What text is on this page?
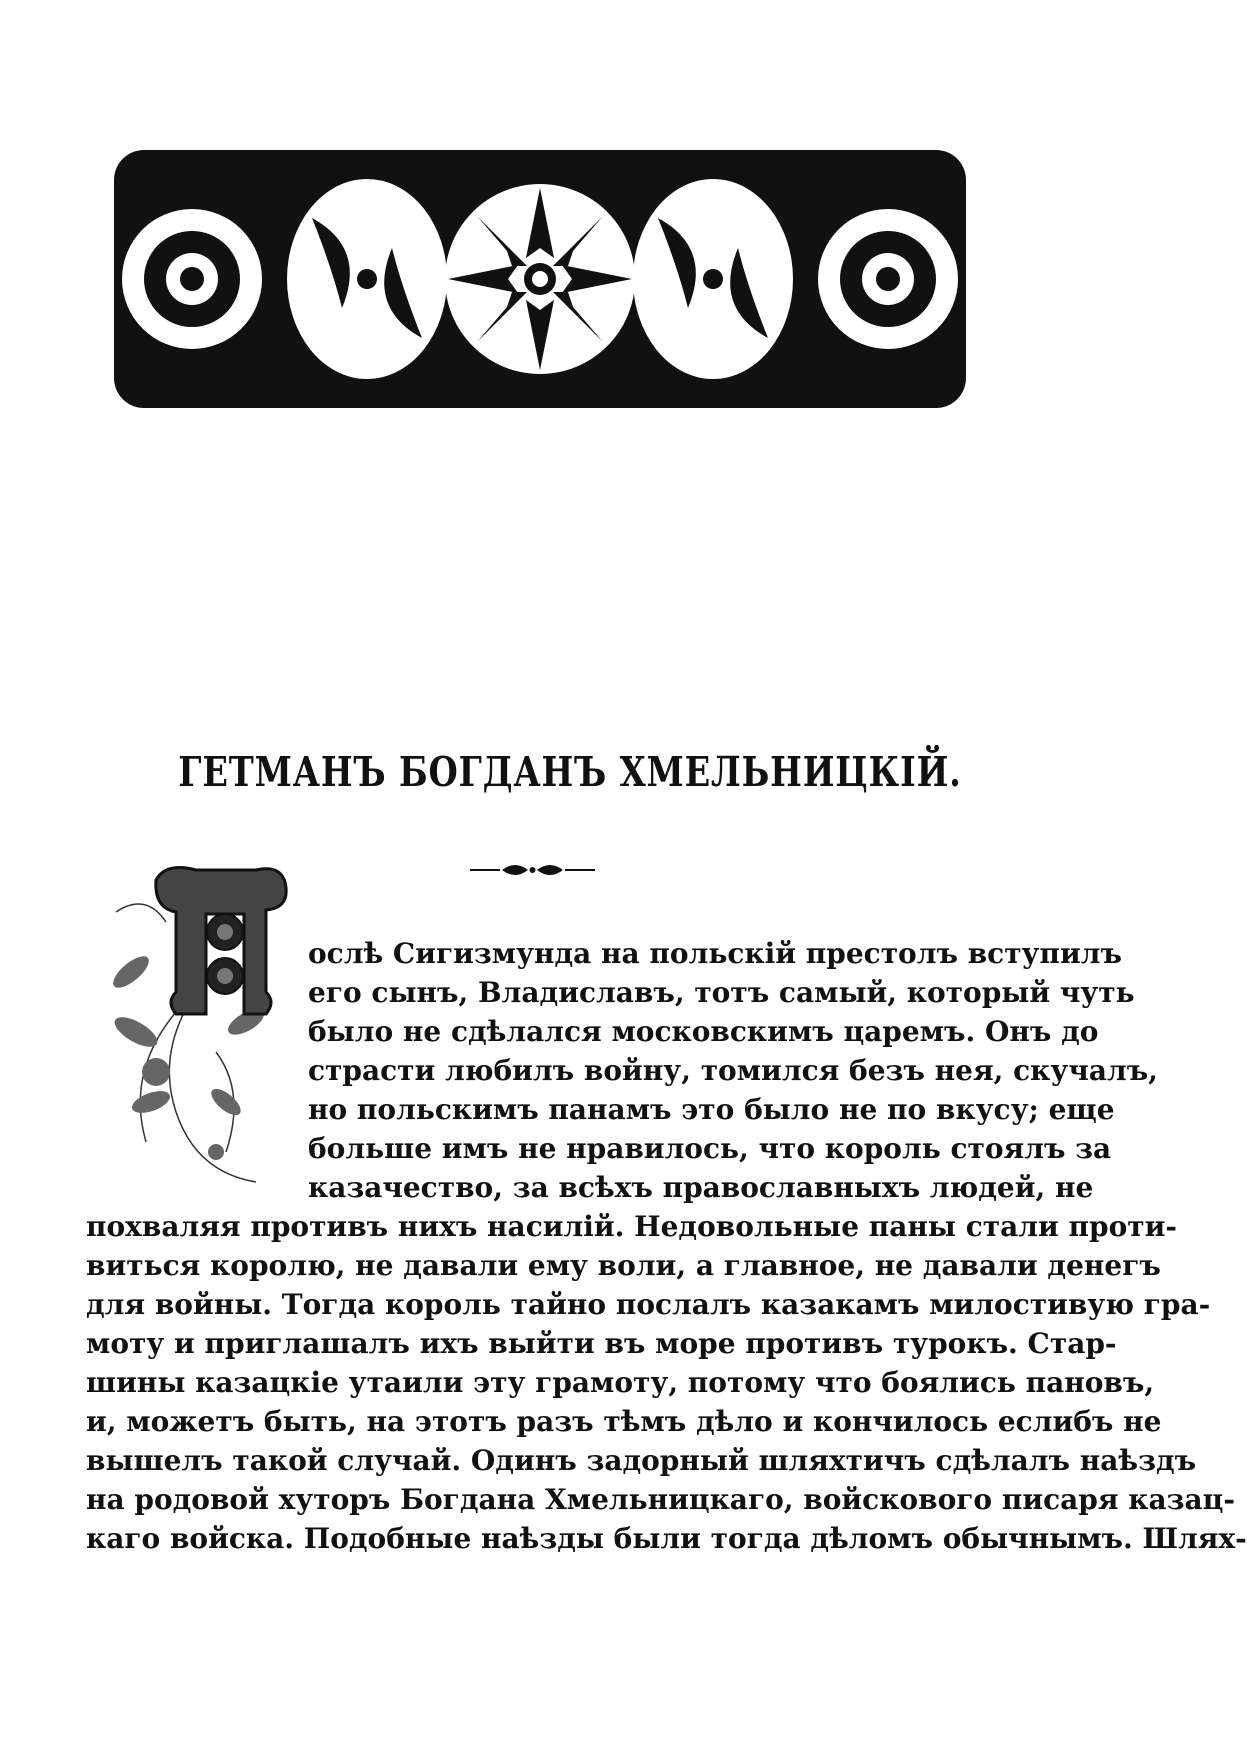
ГЕТМАНЪ БОГДАНЪ ХМЕЛЬНИЦКІЙ.
ослѣ Сигизмунда на польскій престолъ вступилъ
его сынъ, Владиславъ, тотъ самый, который чуть
было не сдѣлался московскимъ царемъ. Онъ до
страсти любилъ войну, томился безъ нея, скучалъ,
но польскимъ панамъ это было не по вкусу; еще
больше имъ не нравилось, что король стоялъ за
казачество, за всѣхъ православныхъ людей, не
похваляя противъ нихъ насилій. Недовольные паны стали проти-
виться королю, не давали ему воли, а главное, не давали денегъ
для войны. Тогда король тайно послалъ казакамъ милостивую гра-
моту и приглашалъ ихъ выйти въ море противъ турокъ. Стар-
шины казацкіе утаили эту грамоту, потому что боялись пановъ,
и, можетъ быть, на этотъ разъ тѣмъ дѣло и кончилось еслибъ не
вышелъ такой случай. Одинъ задорный шляхтичъ сдѣлалъ наѣздъ
на родовой хуторъ Богдана Хмельницкаго, войскового писаря казац-
каго войска. Подобные наѣзды были тогда дѣломъ обычнымъ. Шлях-
